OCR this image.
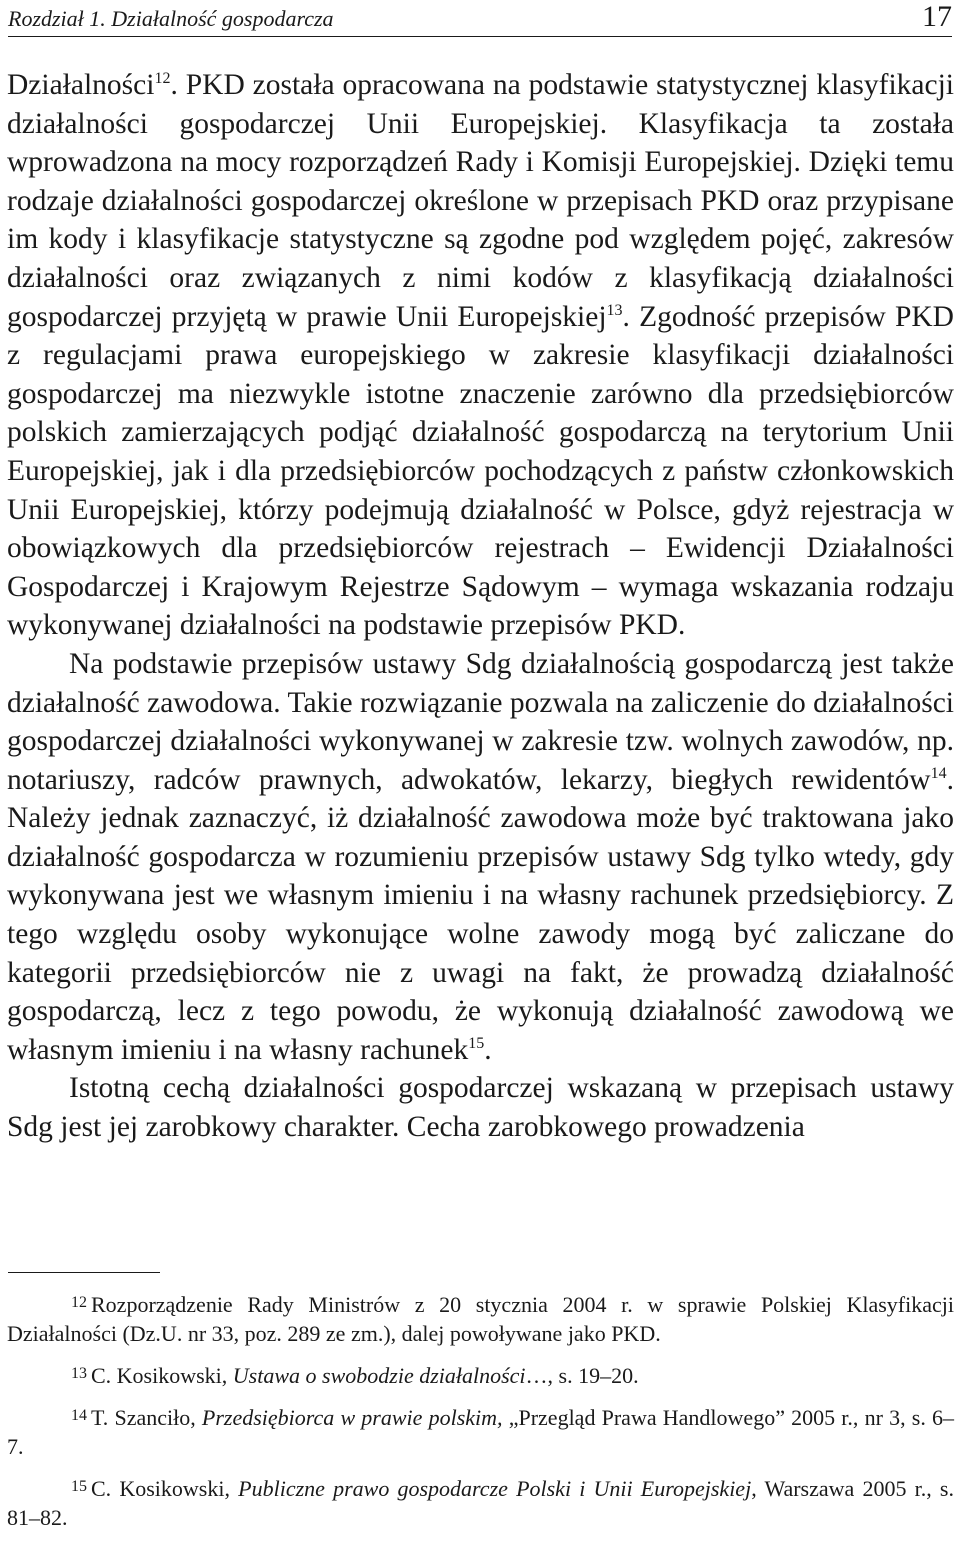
Rozdział 1. Działalność gospodarcza	17

Działalności$^{12}$. PKD została opracowana na podstawie statystycznej klasyfikacji działalności gospodarczej Unii Europejskiej. Klasyfikacja ta została wprowadzona na mocy rozporządzeń Rady i Komisji Europejskiej. Dzięki temu rodzaje działalności gospodarczej określone w przepisach PKD oraz przypisane im kody i klasyfikacje statystyczne są zgodne pod względem pojęć, zakresów działalności oraz związanych z nimi kodów z klasyfikacją działalności gospodarczej przyjętą w prawie Unii Europejskiej$^{13}$. Zgodność przepisów PKD z regulacjami prawa europejskiego w zakresie klasyfikacji działalności gospodarczej ma niezwykle istotne znaczenie zarówno dla przedsiębiorców polskich zamierzających podjąć działalność gospodarczą na terytorium Unii Europejskiej, jak i dla przedsiębiorców pochodzących z państw członkowskich Unii Europejskiej, którzy podejmują działalność w Polsce, gdyż rejestracja w obowiązkowych dla przedsiębiorców rejestrach – Ewidencji Działalności Gospodarczej i Krajowym Rejestrze Sądowym – wymaga wskazania rodzaju wykonywanej działalności na podstawie przepisów PKD.

Na podstawie przepisów ustawy Sdg działalnością gospodarczą jest także działalność zawodowa. Takie rozwiązanie pozwala na zaliczenie do działalności gospodarczej działalności wykonywanej w zakresie tzw. wolnych zawodów, np. notariuszy, radców prawnych, adwokatów, lekarzy, biegłych rewidentów$^{14}$. Należy jednak zaznaczyć, iż działalność zawodowa może być traktowana jako działalność gospodarcza w rozumieniu przepisów ustawy Sdg tylko wtedy, gdy wykonywana jest we własnym imieniu i na własny rachunek przedsiębiorcy. Z tego względu osoby wykonujące wolne zawody mogą być zaliczane do kategorii przedsiębiorców nie z uwagi na fakt, że prowadzą działalność gospodarczą, lecz z tego powodu, że wykonują działalność zawodową we własnym imieniu i na własny rachunek$^{15}$.

Istotną cechą działalności gospodarczej wskazaną w przepisach ustawy Sdg jest jej zarobkowy charakter. Cecha zarobkowego prowadzenia

$^{12}$ Rozporządzenie Rady Ministrów z 20 stycznia 2004 r. w sprawie Polskiej Klasyfikacji Działalności (Dz.U. nr 33, poz. 289 ze zm.), dalej powoływane jako PKD.

$^{13}$ C. Kosikowski, Ustawa o swobodzie działalności…, s. 19–20.

$^{14}$ T. Szanciło, Przedsiębiorca w prawie polskim, „Przegląd Prawa Handlowego” 2005 r., nr 3, s. 6–7.

$^{15}$ C. Kosikowski, Publiczne prawo gospodarcze Polski i Unii Europejskiej, Warszawa 2005 r., s. 81–82.
